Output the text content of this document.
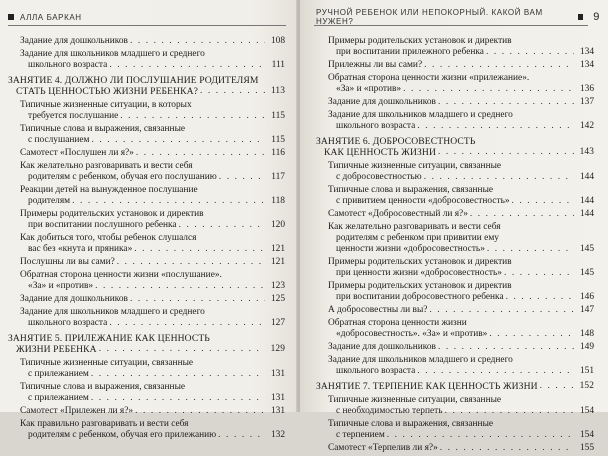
АЛЛА БАРКАН
Задание для дошкольников . . .	108
Задание для школьников младшего и среднего
школьного возраста . . .	111
ЗАНЯТИЕ 4. ДОЛЖНО ЛИ ПОСЛУШАНИЕ РОДИТЕЛЯМ
СТАТЬ ЦЕННОСТЬЮ ЖИЗНИ РЕБЕНКА? . . .	113
Типичные жизненные ситуации, в которых
требуется послушание . . .	115
Типичные слова и выражения, связанные
с послушанием . . .	115
Самотест «Послушен ли я?» . . .	116
Как желательно разговаривать и вести себя
родителям с ребенком, обучая его послушанию . . .	117
Реакции детей на вынужденное послушание
родителям . . .	118
Примеры родительских установок и директив
при воспитании послушного ребенка . . .	120
Как добиться того, чтобы ребенок слушался
вас без «кнута и пряника» . . .	121
Послушны ли вы сами? . . .	121
Обратная сторона ценности жизни «послушание».
«За» и «против» . . .	123
Задание для дошкольников . . .	125
Задание для школьников младшего и среднего
школьного возраста . . .	127
ЗАНЯТИЕ 5. ПРИЛЕЖАНИЕ КАК ЦЕННОСТЬ
ЖИЗНИ РЕБЕНКА . . .	129
Типичные жизненные ситуации, связанные
с прилежанием . . .	131
Типичные слова и выражения, связанные
с прилежанием . . .	131
Самотест «Прилежен ли я?» . . .	131
Как правильно разговаривать и вести себя
родителям с ребенком, обучая его прилежанию . . .	132
РУЧНОЙ РЕБЕНОК ИЛИ НЕПОКОРНЫЙ. КАКОЙ ВАМ НУЖЕН?	9
Примеры родительских установок и директив
при воспитании прилежного ребенка . . .	134
Прилежны ли вы сами? . . .	134
Обратная сторона ценности жизни «прилежание».
«За» и «против» . . .	136
Задание для дошкольников . . .	137
Задание для школьников младшего и среднего
школьного возраста . . .	142
ЗАНЯТИЕ 6. ДОБРОСОВЕСТНОСТЬ
КАК ЦЕННОСТЬ ЖИЗНИ . . .	143
Типичные жизненные ситуации, связанные
с добросовестностью . . .	144
Типичные слова и выражения, связанные
с привитием ценности «добросовестность» . . .	144
Самотест «Добросовестный ли я?» . . .	144
Как желательно разговаривать и вести себя
родителям с ребенком при привитии ему
ценности жизни «добросовестность» . . .	145
Примеры родительских установок и директив
при ценности жизни «добросовестность» . . .	145
Примеры родительских установок и директив
при воспитании добросовестного ребенка . . .	146
А добросовестны ли вы? . . .	147
Обратная сторона ценности жизни
«добросовестность». «За» и «против» . . .	148
Задание для дошкольников . . .	149
Задание для школьников младшего и среднего
школьного возраста . . .	151
ЗАНЯТИЕ 7. ТЕРПЕНИЕ КАК ЦЕННОСТЬ ЖИЗНИ . . .	152
Типичные жизненные ситуации, связанные
с необходимостью терпеть . . .	154
Типичные слова и выражения, связанные
с терпением . . .	154
Самотест «Терпелив ли я?» . . .	155
